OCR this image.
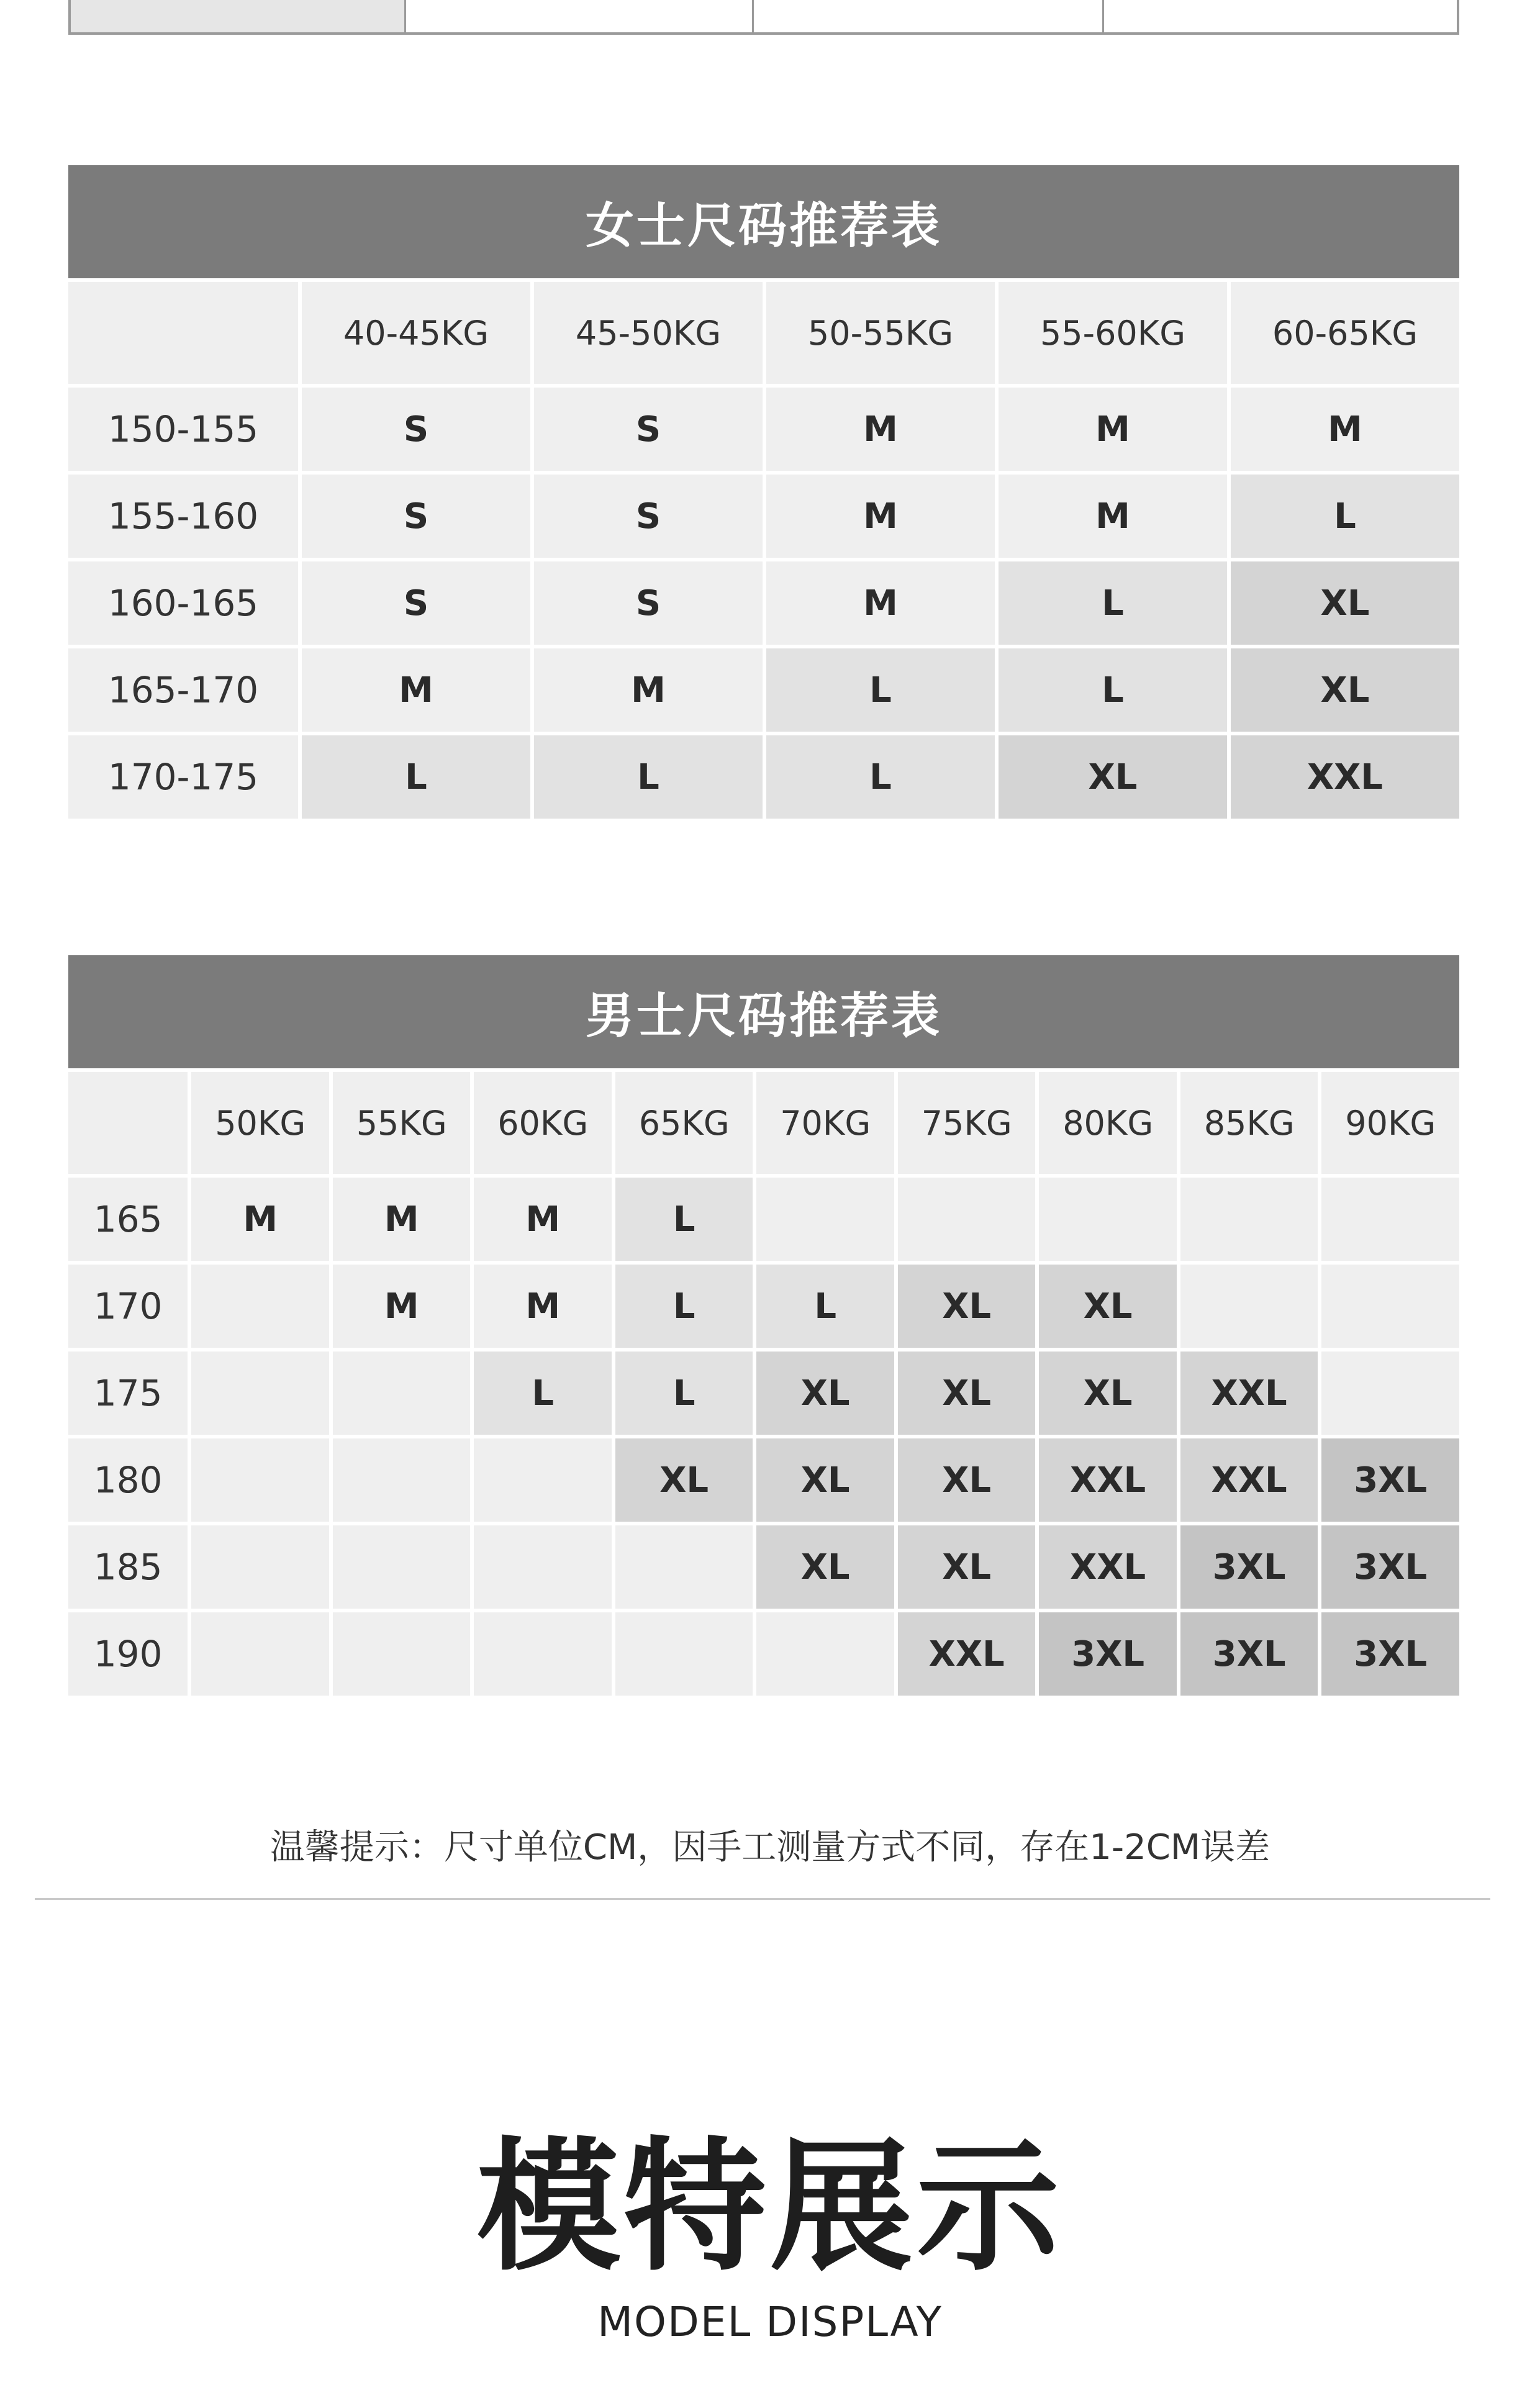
女士尺码推荐表
	40-45KG	45-50KG	50-55KG	55-60KG	60-65KG
150-155	S	S	M	M	M
155-160	S	S	M	M	L
160-165	S	S	M	L	XL
165-170	M	M	L	L	XL
170-175	L	L	L	XL	XXL
男士尺码推荐表
	50KG	55KG	60KG	65KG	70KG	75KG	80KG	85KG	90KG
165	M	M	M	L					
170		M	M	L	L	XL	XL		
175			L	L	XL	XL	XL	XXL	
180				XL	XL	XL	XXL	XXL	3XL
185					XL	XL	XXL	3XL	3XL
190						XXL	3XL	3XL	3XL
温馨提示：尺寸单位CM，因手工测量方式不同，存在1-2CM误差
模特展示
MODEL DISPLAY
